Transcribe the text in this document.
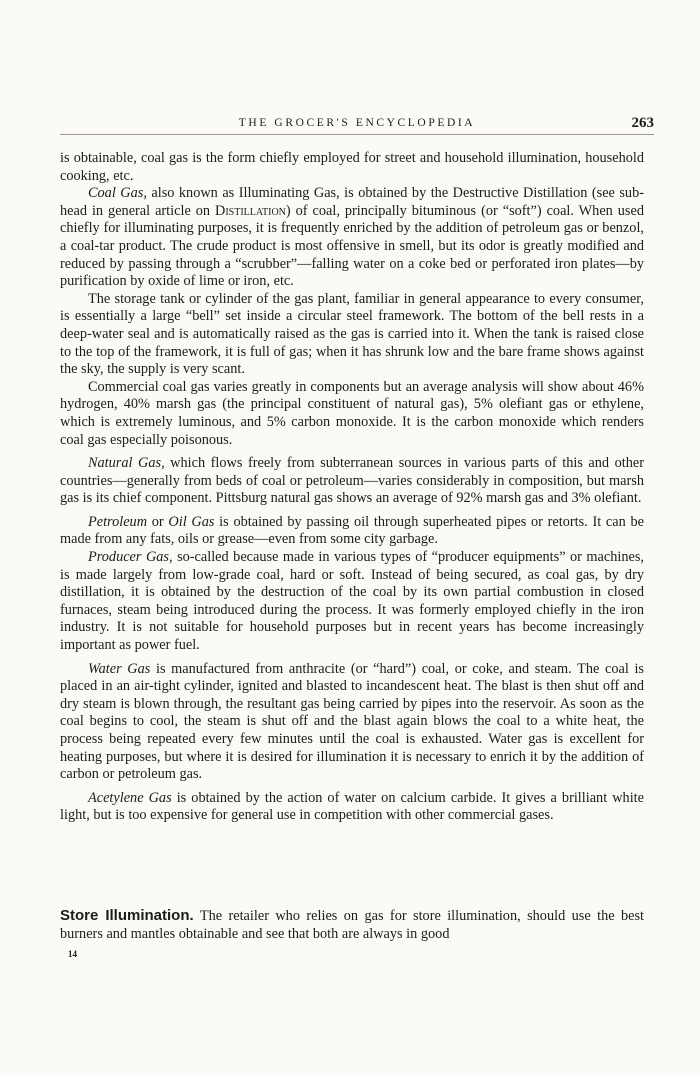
THE GROCER'S ENCYCLOPEDIA	263

is obtainable, coal gas is the form chiefly employed for street and household illumination, household cooking, etc.

Coal Gas, also known as Illuminating Gas, is obtained by the Destructive Distillation (see sub-head in general article on Distillation) of coal, principally bituminous (or “soft”) coal. When used chiefly for illuminating purposes, it is frequently enriched by the addition of petroleum gas or benzol, a coal-tar product. The crude product is most offensive in smell, but its odor is greatly modified and reduced by passing through a “scrubber”—falling water on a coke bed or perforated iron plates—by purification by oxide of lime or iron, etc.

The storage tank or cylinder of the gas plant, familiar in general appearance to every consumer, is essentially a large “bell” set inside a circular steel framework. The bottom of the bell rests in a deep-water seal and is automatically raised as the gas is carried into it. When the tank is raised close to the top of the framework, it is full of gas; when it has shrunk low and the bare frame shows against the sky, the supply is very scant.

Commercial coal gas varies greatly in components but an average analysis will show about 46% hydrogen, 40% marsh gas (the principal constituent of natural gas), 5% olefiant gas or ethylene, which is extremely luminous, and 5% carbon monoxide. It is the carbon monoxide which renders coal gas especially poisonous.

Natural Gas, which flows freely from subterranean sources in various parts of this and other countries—generally from beds of coal or petroleum—varies considerably in composition, but marsh gas is its chief component. Pittsburg natural gas shows an average of 92% marsh gas and 3% olefiant.

Petroleum or Oil Gas is obtained by passing oil through superheated pipes or retorts. It can be made from any fats, oils or grease—even from some city garbage.

Producer Gas, so-called because made in various types of “producer equipments” or machines, is made largely from low-grade coal, hard or soft. Instead of being secured, as coal gas, by dry distillation, it is obtained by the destruction of the coal by its own partial combustion in closed furnaces, steam being introduced during the process. It was formerly employed chiefly in the iron industry. It is not suitable for household purposes but in recent years has become increasingly important as power fuel.

Water Gas is manufactured from anthracite (or “hard”) coal, or coke, and steam. The coal is placed in an air-tight cylinder, ignited and blasted to incandescent heat. The blast is then shut off and dry steam is blown through, the resultant gas being carried by pipes into the reservoir. As soon as the coal begins to cool, the steam is shut off and the blast again blows the coal to a white heat, the process being repeated every few minutes until the coal is exhausted. Water gas is excellent for heating purposes, but where it is desired for illumination it is necessary to enrich it by the addition of carbon or petroleum gas.

Acetylene Gas is obtained by the action of water on calcium carbide. It gives a brilliant white light, but is too expensive for general use in competition with other commercial gases.

Store Illumination. The retailer who relies on gas for store illumination, should use the best burners and mantles obtainable and see that both are always in good

14
